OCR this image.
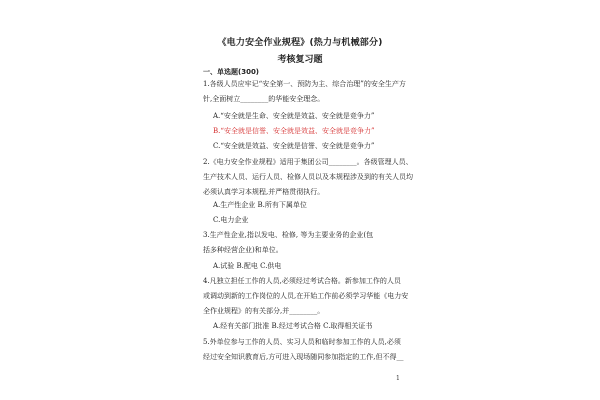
《电力安全作业规程》(热力与机械部分)
考核复习题
一、单选题(300)
1.各级人员应牢记“安全第一、预防为主、综合治理”的安全生产方
针,全面树立________的华能安全理念。
A.“安全就是生命、安全就是效益、安全就是竞争力”
B.“安全就是信誉、安全就是效益、安全就是竞争力”
C.“安全就是效益、安全就是信誉、安全就是竞争力”
2.《电力安全作业规程》适用于集团公司________。各级管理人员、
生产技术人员、运行人员、检修人员以及本规程涉及到的有关人员均
必须认真学习本规程,并严格贯彻执行。
A.生产性企业 B.所有下属单位
C.电力企业
3.生产性企业,指以发电、检修, 等为主要业务的企业(包
括多种经营企业)和单位。
A.试验 B.配电 C.供电
4.凡独立担任工作的人员,必须经过考试合格。新参加工作的人员
或调动到新的工作岗位的人员,在开始工作前必须学习华能《电力安
全作业规程》的有关部分,并________。
A.经有关部门批准 B.经过考试合格 C.取得相关证书
5.外单位参与工作的人员、实习人员和临时参加工作的人员,必须
经过安全知识教育后,方可进入现场随同参加指定的工作,但不得__
1
